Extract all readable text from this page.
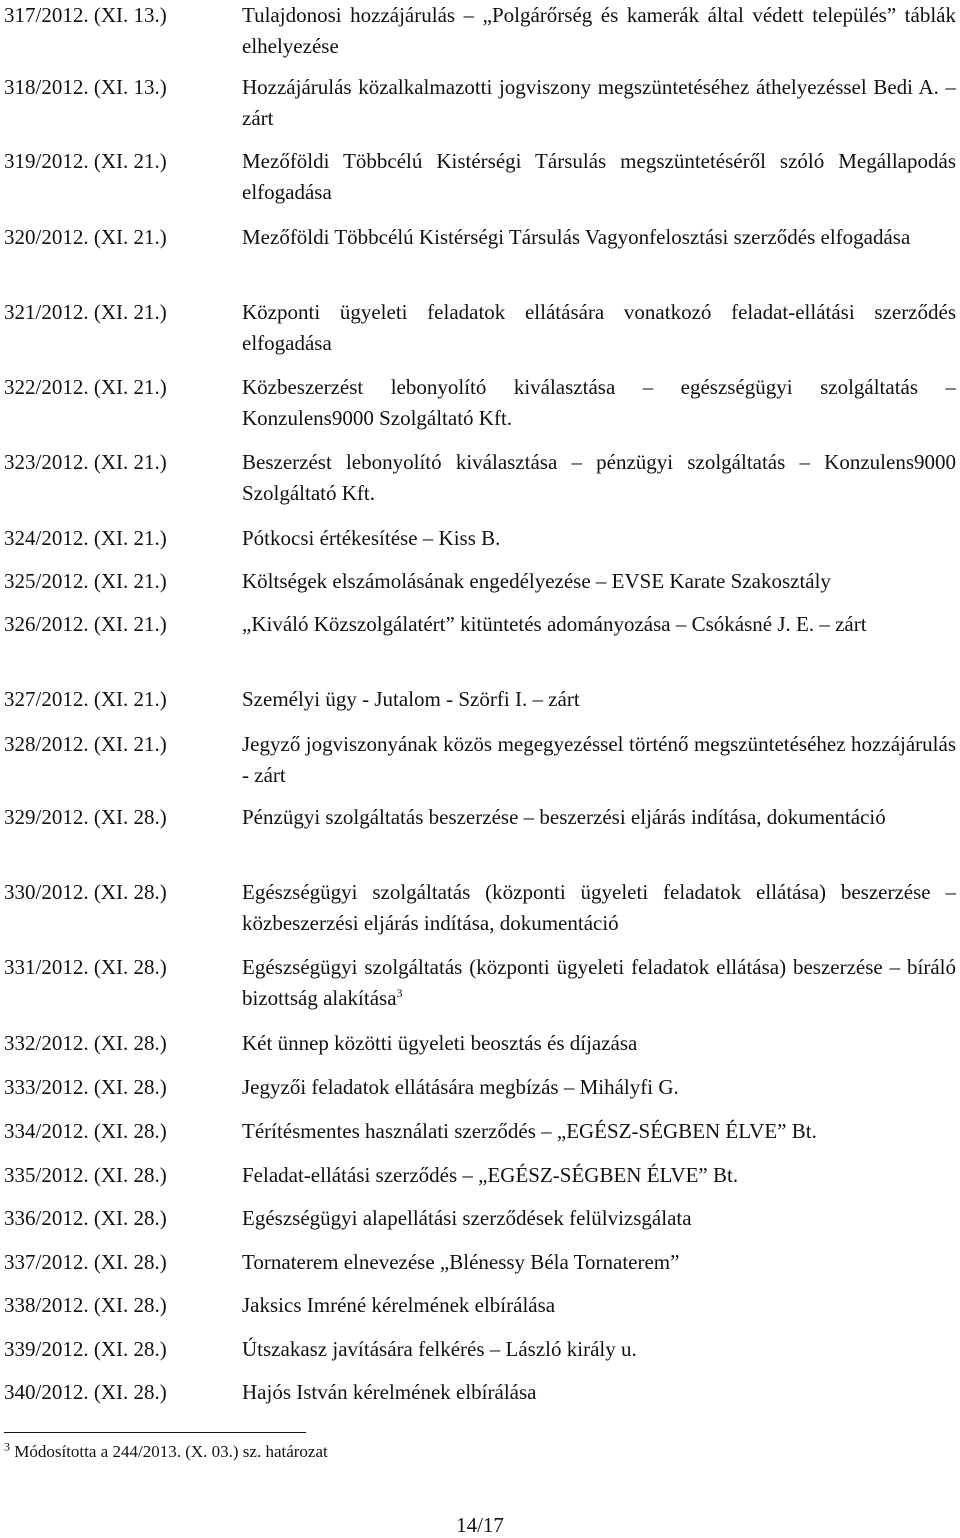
317/2012. (XI. 13.)	Tulajdonosi hozzájárulás – „Polgárőrség és kamerák által védett település” táblák elhelyezése
318/2012. (XI. 13.)	Hozzájárulás közalkalmazotti jogviszony megszüntetéséhez áthelyezéssel Bedi A. – zárt
319/2012. (XI. 21.)	Mezőföldi Többcélú Kistérségi Társulás megszüntetéséről szóló Megállapodás elfogadása
320/2012. (XI. 21.)	Mezőföldi Többcélú Kistérségi Társulás Vagyonfelosztási szerződés elfogadása
321/2012. (XI. 21.)	Központi ügyeleti feladatok ellátására vonatkozó feladat-ellátási szerződés elfogadása
322/2012. (XI. 21.)	Közbeszerzést lebonyolító kiválasztása – egészségügyi szolgáltatás – Konzulens9000 Szolgáltató Kft.
323/2012. (XI. 21.)	Beszerzést lebonyolító kiválasztása – pénzügyi szolgáltatás – Konzulens9000 Szolgáltató Kft.
324/2012. (XI. 21.)	Pótkocsi értékesítése – Kiss B.
325/2012. (XI. 21.)	Költségek elszámolásának engedélyezése – EVSE Karate Szakosztály
326/2012. (XI. 21.)	„Kiváló Közszolgálatért” kitüntetés adományozása – Csókásné J. E. – zárt
327/2012. (XI. 21.)	Személyi ügy - Jutalom - Szörfi I. – zárt
328/2012. (XI. 21.)	Jegyző jogviszonyának közös megegyezéssel történő megszüntetéséhez hozzájárulás - zárt
329/2012. (XI. 28.)	Pénzügyi szolgáltatás beszerzése – beszerzési eljárás indítása, dokumentáció
330/2012. (XI. 28.)	Egészségügyi szolgáltatás (központi ügyeleti feladatok ellátása) beszerzése – közbeszerzési eljárás indítása, dokumentáció
331/2012. (XI. 28.)	Egészségügyi szolgáltatás (központi ügyeleti feladatok ellátása) beszerzése – bíráló bizottság alakítása$^3$
332/2012. (XI. 28.)	Két ünnep közötti ügyeleti beosztás és díjazása
333/2012. (XI. 28.)	Jegyzői feladatok ellátására megbízás – Mihályfi G.
334/2012. (XI. 28.)	Térítésmentes használati szerződés – „EGÉSZ-SÉGBEN ÉLVE” Bt.
335/2012. (XI. 28.)	Feladat-ellátási szerződés – „EGÉSZ-SÉGBEN ÉLVE” Bt.
336/2012. (XI. 28.)	Egészségügyi alapellátási szerződések felülvizsgálata
337/2012. (XI. 28.)	Tornaterem elnevezése „Blénessy Béla Tornaterem”
338/2012. (XI. 28.)	Jaksics Imréné kérelmének elbírálása
339/2012. (XI. 28.)	Útszakasz javítására felkérés – László király u.
340/2012. (XI. 28.)	Hajós István kérelmének elbírálása
$^3$ Módosította a 244/2013. (X. 03.) sz. határozat
14/17
